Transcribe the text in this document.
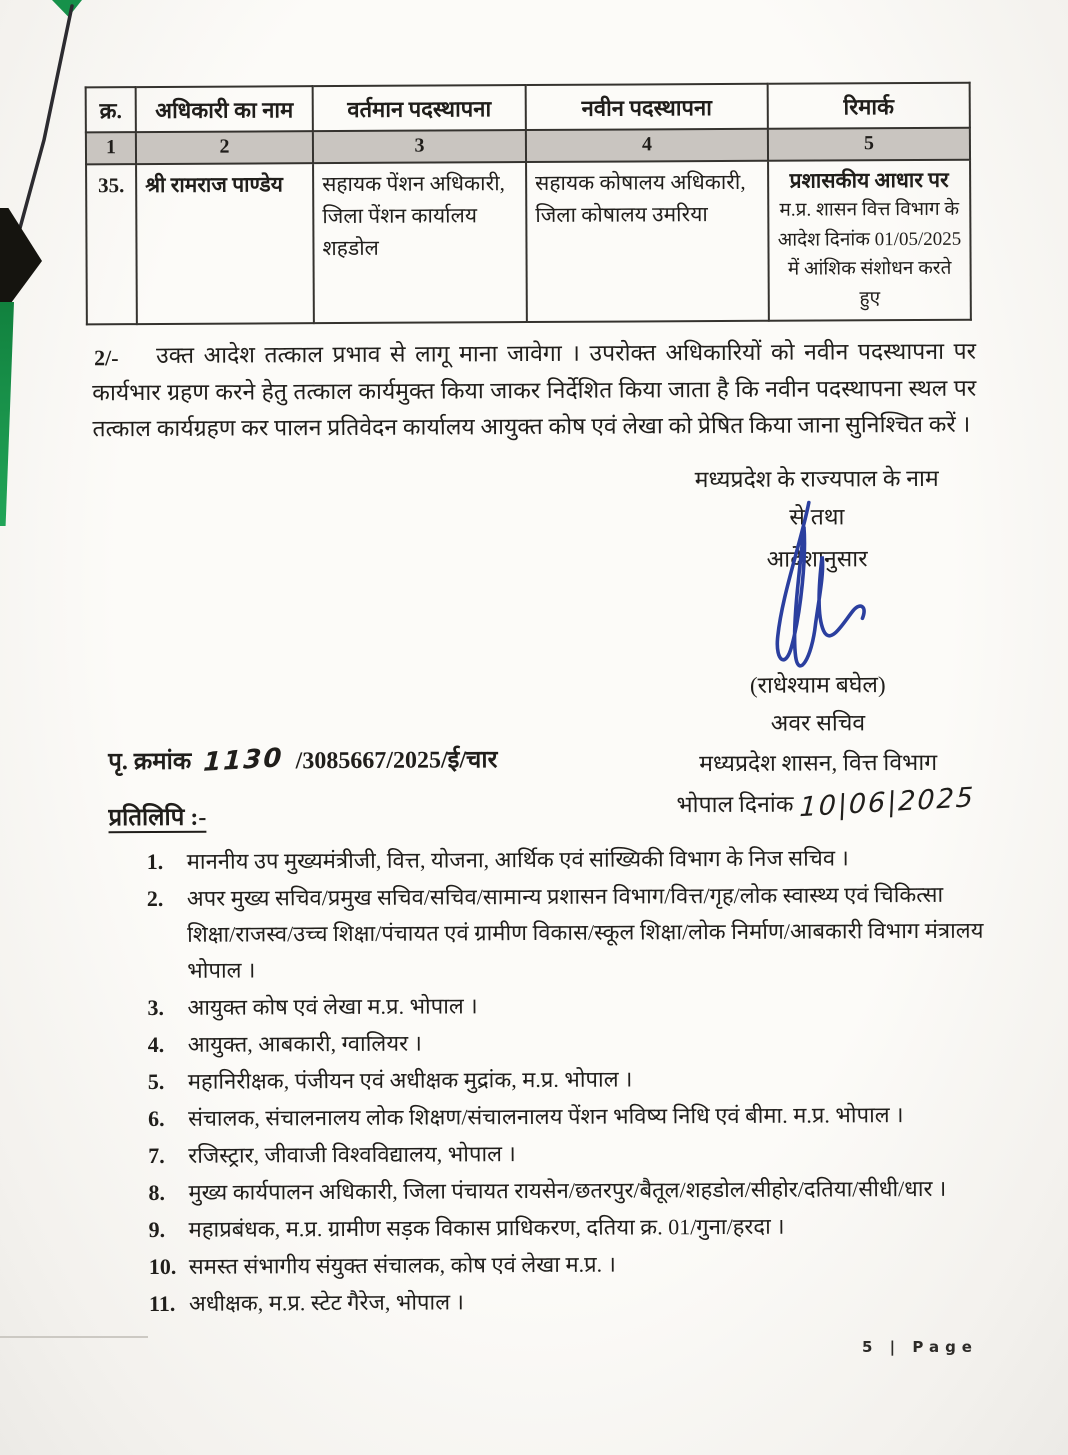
क्र.	अधिकारी का नाम	वर्तमान पदस्थापना	नवीन पदस्थापना	रिमार्क
1	2	3	4	5
35.	श्री रामराज पाण्डेय	सहायक पेंशन अधिकारी, जिला पेंशन कार्यालय शहडोल	सहायक कोषालय अधिकारी, जिला कोषालय उमरिया	प्रशासकीय आधार पर
म.प्र. शासन वित्त विभाग के आदेश दिनांक 01/05/2025 में आंशिक संशोधन करते हुए
2/- उक्त आदेश तत्काल प्रभाव से लागू माना जावेगा । उपरोक्त अधिकारियों को नवीन पदस्थापना पर कार्यभार ग्रहण करने हेतु तत्काल कार्यमुक्त किया जाकर निर्देशित किया जाता है कि नवीन पदस्थापना स्थल पर तत्काल कार्यग्रहण कर पालन प्रतिवेदन कार्यालय आयुक्त कोष एवं लेखा को प्रेषित किया जाना सुनिश्चित करें ।
मध्यप्रदेश के राज्यपाल के नाम
से तथा
आदेशानुसार
(राधेश्याम बघेल)
अवर सचिव
मध्यप्रदेश शासन, वित्त विभाग
भोपाल दिनांक 10|06|2025
पृ. क्रमांक 1130 /3085667/2025/ई/चार
प्रतिलिपि :-
1.	माननीय उप मुख्यमंत्रीजी, वित्त, योजना, आर्थिक एवं सांख्यिकी विभाग के निज सचिव ।
2.	अपर मुख्य सचिव/प्रमुख सचिव/सचिव/सामान्य प्रशासन विभाग/वित्त/गृह/लोक स्वास्थ्य एवं चिकित्सा शिक्षा/राजस्व/उच्च शिक्षा/पंचायत एवं ग्रामीण विकास/स्कूल शिक्षा/लोक निर्माण/आबकारी विभाग मंत्रालय भोपाल ।
3.	आयुक्त कोष एवं लेखा म.प्र. भोपाल ।
4.	आयुक्त, आबकारी, ग्वालियर ।
5.	महानिरीक्षक, पंजीयन एवं अधीक्षक मुद्रांक, म.प्र. भोपाल ।
6.	संचालक, संचालनालय लोक शिक्षण/संचालनालय पेंशन भविष्य निधि एवं बीमा. म.प्र. भोपाल ।
7.	रजिस्ट्रार, जीवाजी विश्वविद्यालय, भोपाल ।
8.	मुख्य कार्यपालन अधिकारी, जिला पंचायत रायसेन/छतरपुर/बैतूल/शहडोल/सीहोर/दतिया/सीधी/धार ।
9.	महाप्रबंधक, म.प्र. ग्रामीण सड़क विकास प्राधिकरण, दतिया क्र. 01/गुना/हरदा ।
10. समस्त संभागीय संयुक्त संचालक, कोष एवं लेखा म.प्र. ।
11. अधीक्षक, म.प्र. स्टेट गैरेज, भोपाल ।
5 | Page
